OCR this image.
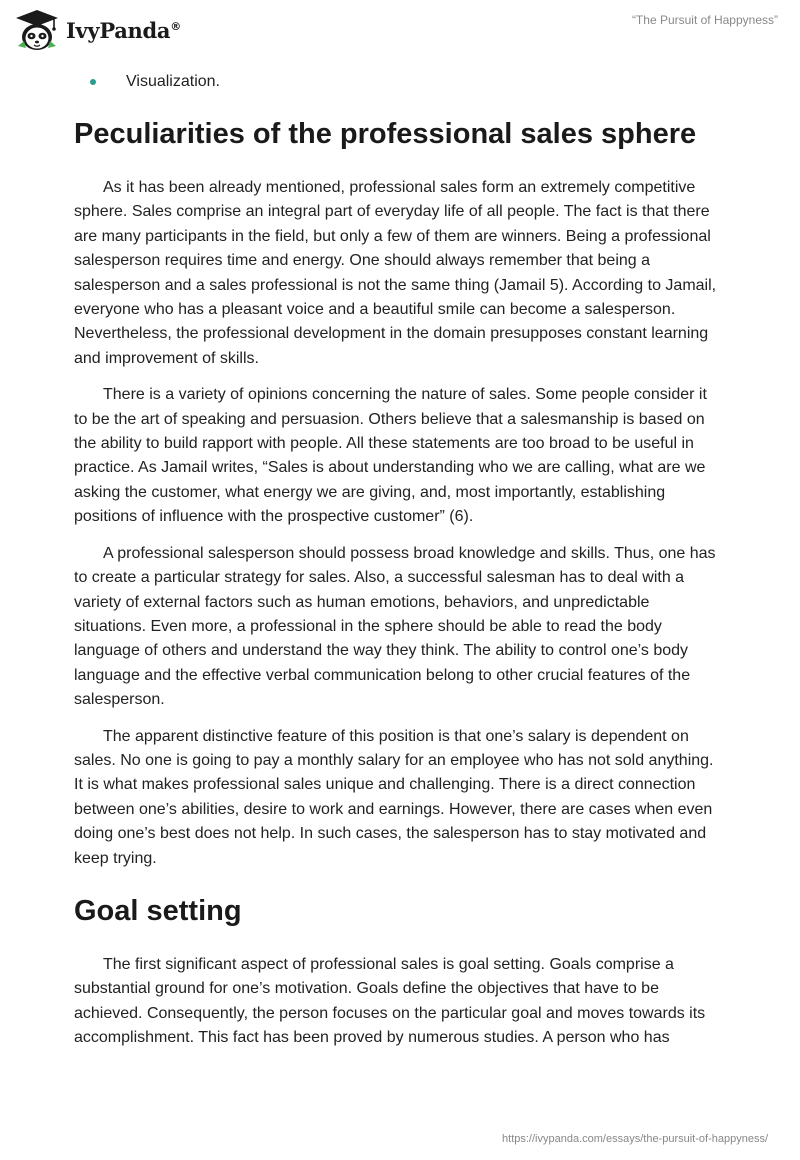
IvyPanda®	“The Pursuit of Happyness”
Visualization.
Peculiarities of the professional sales sphere

As it has been already mentioned, professional sales form an extremely competitive sphere. Sales comprise an integral part of everyday life of all people. The fact is that there are many participants in the field, but only a few of them are winners. Being a professional salesperson requires time and energy. One should always remember that being a salesperson and a sales professional is not the same thing (Jamail 5). According to Jamail, everyone who has a pleasant voice and a beautiful smile can become a salesperson. Nevertheless, the professional development in the domain presupposes constant learning and improvement of skills.

There is a variety of opinions concerning the nature of sales. Some people consider it to be the art of speaking and persuasion. Others believe that a salesmanship is based on the ability to build rapport with people. All these statements are too broad to be useful in practice. As Jamail writes, “Sales is about understanding who we are calling, what are we asking the customer, what energy we are giving, and, most importantly, establishing positions of influence with the prospective customer” (6).

A professional salesperson should possess broad knowledge and skills. Thus, one has to create a particular strategy for sales. Also, a successful salesman has to deal with a variety of external factors such as human emotions, behaviors, and unpredictable situations. Even more, a professional in the sphere should be able to read the body language of others and understand the way they think. The ability to control one’s body language and the effective verbal communication belong to other crucial features of the salesperson.

The apparent distinctive feature of this position is that one’s salary is dependent on sales. No one is going to pay a monthly salary for an employee who has not sold anything. It is what makes professional sales unique and challenging. There is a direct connection between one’s abilities, desire to work and earnings. However, there are cases when even doing one’s best does not help. In such cases, the salesperson has to stay motivated and keep trying.

Goal setting

The first significant aspect of professional sales is goal setting. Goals comprise a substantial ground for one’s motivation. Goals define the objectives that have to be achieved. Consequently, the person focuses on the particular goal and moves towards its accomplishment. This fact has been proved by numerous studies. A person who has

https://ivypanda.com/essays/the-pursuit-of-happyness/
